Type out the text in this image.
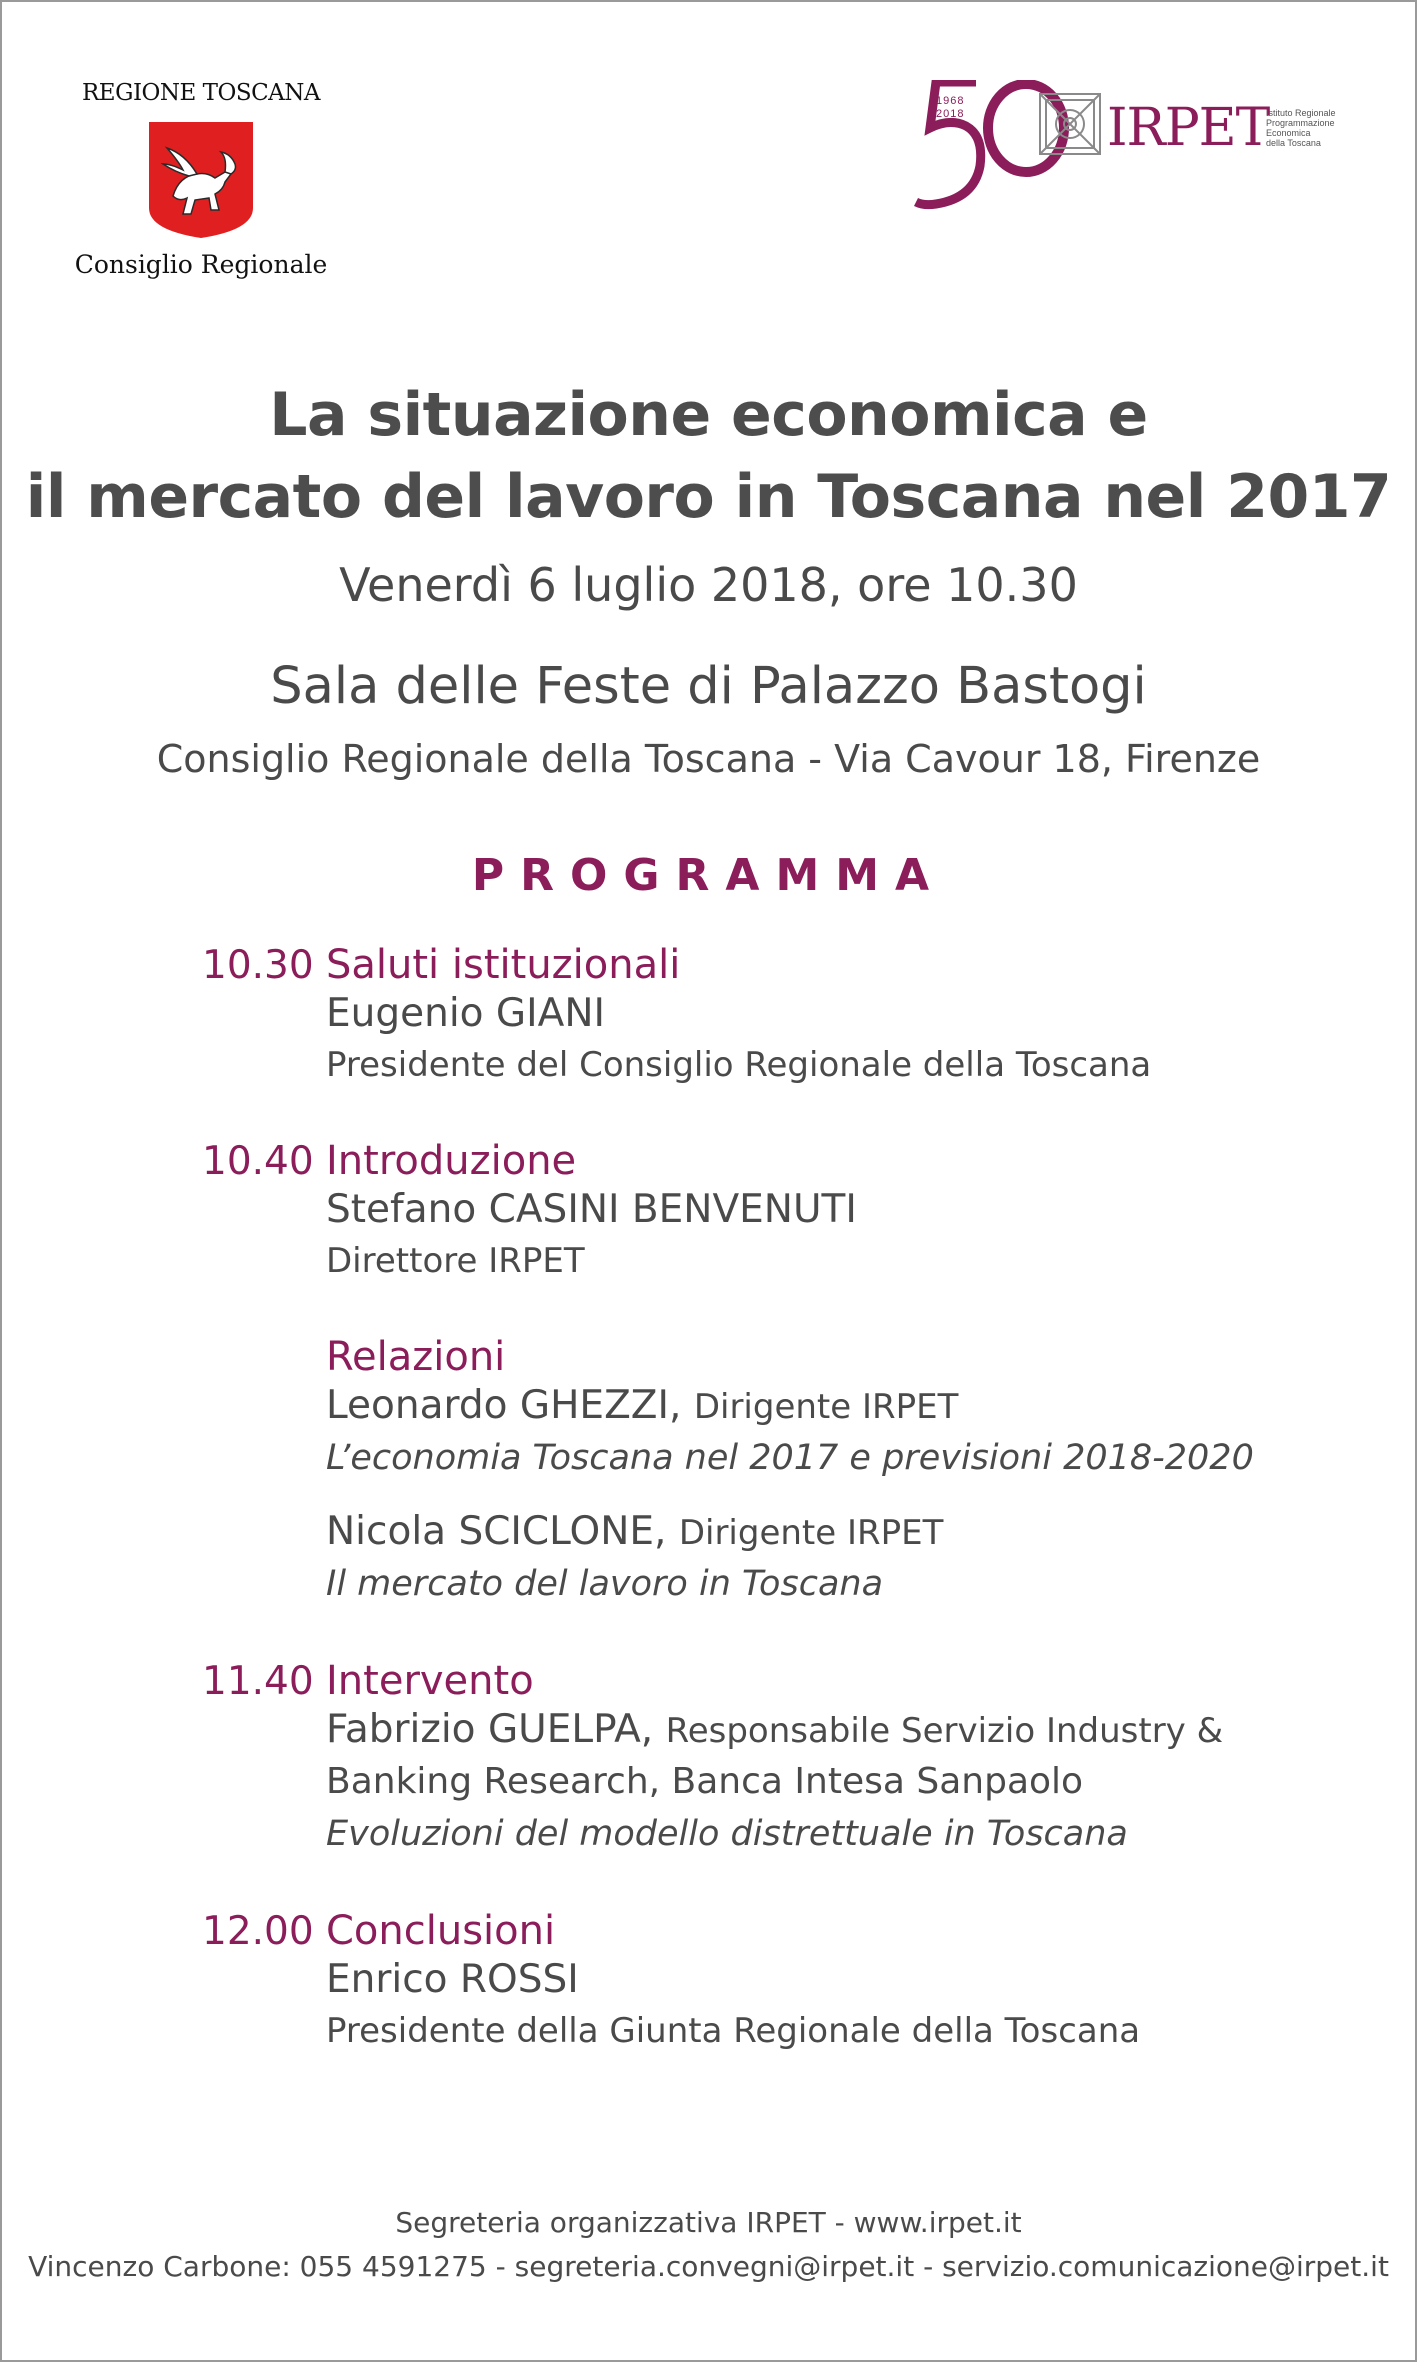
REGIONE TOSCANA
Consiglio Regionale
1968
2018	IRPET
Istituto Regionale
Programmazione
Economica
della Toscana
La situazione economica e
il mercato del lavoro in Toscana nel 2017
Venerdì 6 luglio 2018, ore 10.30
Sala delle Feste di Palazzo Bastogi
Consiglio Regionale della Toscana - Via Cavour 18, Firenze
PROGRAMMA
10.30 Saluti istituzionali
Eugenio GIANI
Presidente del Consiglio Regionale della Toscana
10.40 Introduzione
Stefano CASINI BENVENUTI
Direttore IRPET
Relazioni
Leonardo GHEZZI, Dirigente IRPET
L’economia Toscana nel 2017 e previsioni 2018-2020
Nicola SCICLONE, Dirigente IRPET
Il mercato del lavoro in Toscana
11.40 Intervento
Fabrizio GUELPA, Responsabile Servizio Industry &
Banking Research, Banca Intesa Sanpaolo
Evoluzioni del modello distrettuale in Toscana
12.00 Conclusioni
Enrico ROSSI
Presidente della Giunta Regionale della Toscana
Segreteria organizzativa IRPET - www.irpet.it
Vincenzo Carbone: 055 4591275 - segreteria.convegni@irpet.it - servizio.comunicazione@irpet.it
